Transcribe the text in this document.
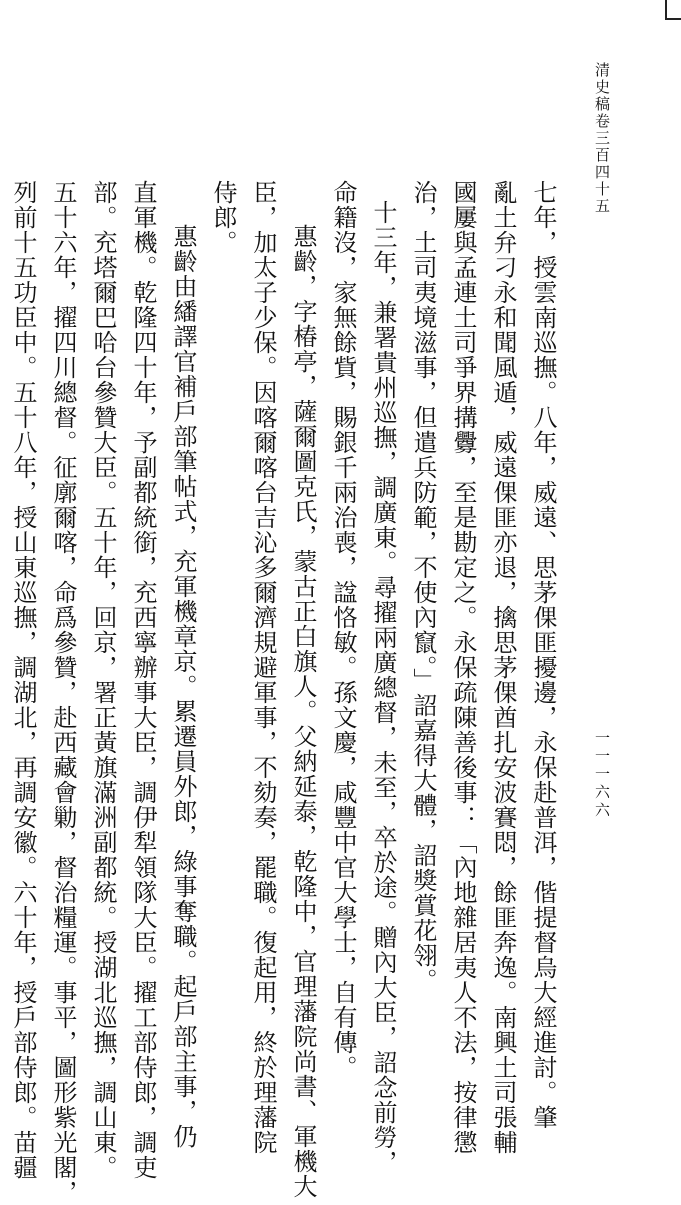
清史稿卷三百四十五
一一一六六

七年，授雲南巡撫。八年，威遠、思茅倮匪擾邊，永保赴普洱，偕提督烏大經進討。肇

亂土弁刁永和聞風遁，威遠倮匪亦退，擒思茅倮酋扎安波賽悶，餘匪奔逸。南興土司張輔

國屢與孟連土司爭界搆釁，至是勘定之。永保疏陳善後事：「內地雜居夷人不法，按律懲

治，土司夷境滋事，但遣兵防範，不使內竄。」詔嘉得大體，詔獎賞花翎。

十三年，兼署貴州巡撫，調廣東。尋擢兩廣總督，未至，卒於途。贈內大臣，詔念前勞，

命籍沒，家無餘貲，賜銀千兩治喪，諡恪敏。孫文慶，咸豐中官大學士，自有傳。

惠齡，字椿亭，薩爾圖克氏，蒙古正白旗人。父納延泰，乾隆中，官理藩院尚書、軍機大

臣，加太子少保。因喀爾喀台吉沁多爾濟規避軍事，不劾奏，罷職。復起用，終於理藩院

侍郎。

惠齡由繙譯官補戶部筆帖式，充軍機章京。累遷員外郎，綠事奪職。起戶部主事，仍

直軍機。乾隆四十年，予副都統銜，充西寧辦事大臣，調伊犁領隊大臣。擢工部侍郎，調吏

部。充塔爾巴哈台參贊大臣。五十年，回京，署正黃旗滿洲副都統。授湖北巡撫，調山東。

五十六年，擢四川總督。征廓爾喀，命爲參贊，赴西藏會勦，督治糧運。事平，圖形紫光閣，

列前十五功臣中。五十八年，授山東巡撫，調湖北，再調安徽。六十年，授戶部侍郎。苗疆
